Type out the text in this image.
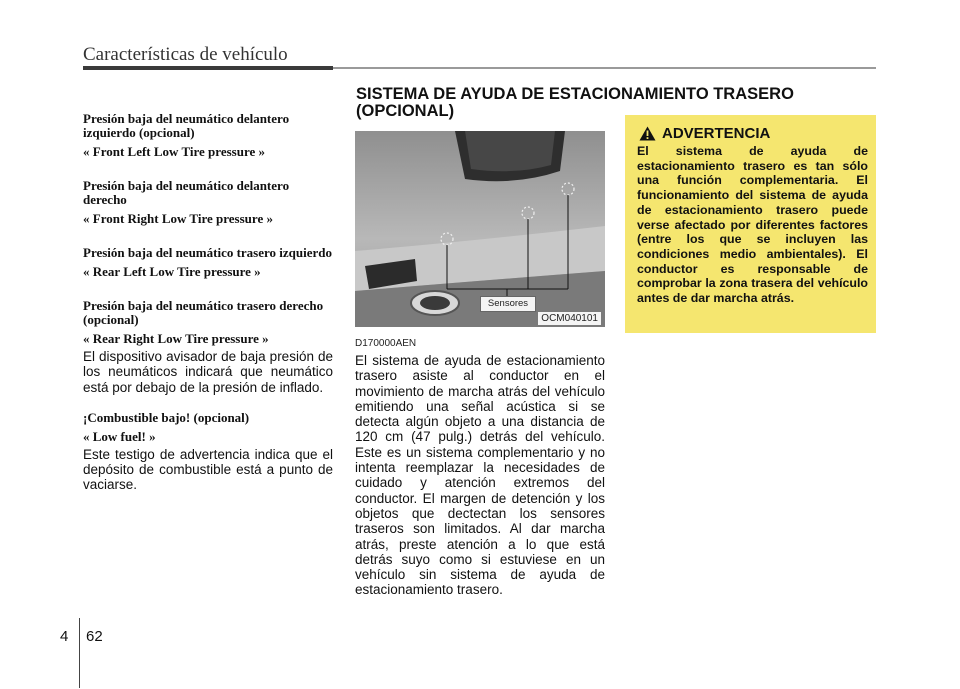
Características de vehículo

Presión baja del neumático delantero izquierdo (opcional)

« Front Left Low Tire pressure »

Presión baja del neumático delantero derecho

« Front Right Low Tire pressure »

Presión baja del neumático trasero izquierdo

« Rear Left Low Tire pressure »

Presión baja del neumático trasero derecho (opcional)

« Rear Right Low Tire pressure »

El dispositivo avisador de baja presión de los neumáticos indicará que neumático está por debajo de la presión de inflado.

¡Combustible bajo! (opcional)

« Low fuel! »

Este testigo de advertencia indica que el depósito de combustible está a punto de vaciarse.

SISTEMA DE AYUDA DE ESTACIONAMIENTO TRASERO (OPCIONAL)
Sensores
OCM040101
D170000AEN

El sistema de ayuda de estacionamiento trasero asiste al conductor en el movimiento de marcha atrás del vehículo emitiendo una señal acústica si se detecta algún objeto a una distancia de 120 cm (47 pulg.) detrás del vehículo. Este es un sistema complementario y no intenta reemplazar la necesidades de cuidado y atención extremos del conductor. El margen de detención y los objetos que dectectan los sensores traseros son limitados. Al dar marcha atrás, preste atención a lo que está detrás suyo como si estuviese en un vehículo sin sistema de ayuda de estacionamiento trasero.

ADVERTENCIA

El sistema de ayuda de estacionamiento trasero es tan sólo una función complementaria. El funcionamiento del sistema de ayuda de estacionamiento trasero puede verse afectado por diferentes factores (entre los que se incluyen las condiciones medio ambientales). El conductor es responsable de comprobar la zona trasera del vehículo antes de dar marcha atrás.

4 62
